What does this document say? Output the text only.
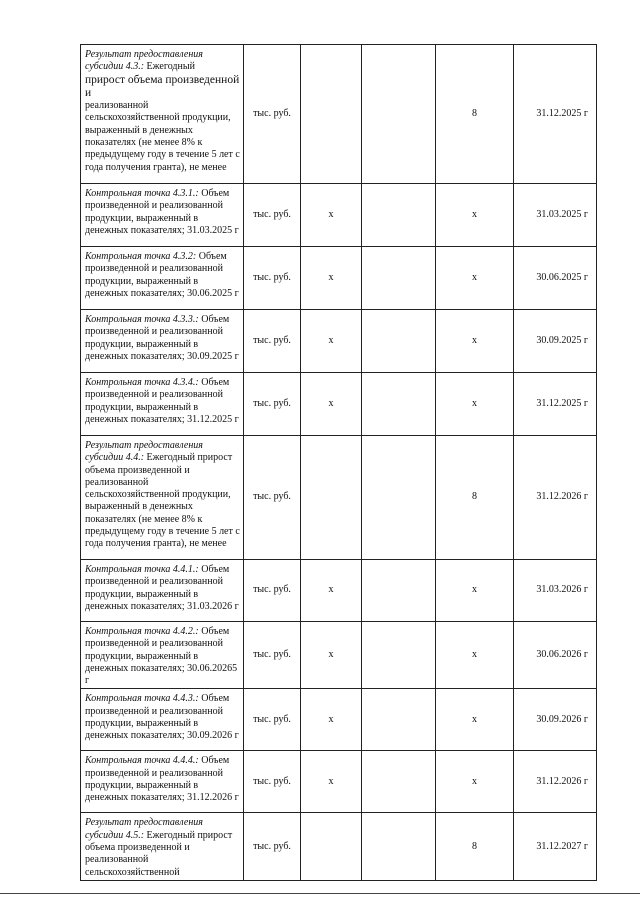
Результат предоставления субсидии 4.3.: Ежегодный
прирост объема произведенной и
реализованной сельскохозяйственной продукции, выраженный в денежных показателях (не менее 8% к предыдущему году в течение 5 лет с года получения гранта), не менее	тыс. руб.			8	31.12.2025 г
Контрольная точка 4.3.1.: Объем произведенной и реализованной продукции, выраженный в денежных показателях; 31.03.2025 г	тыс. руб.	х		х	31.03.2025 г
Контрольная точка 4.3.2: Объем произведенной и реализованной продукции, выраженный в денежных показателях; 30.06.2025 г	тыс. руб.	х		х	30.06.2025 г
Контрольная точка 4.3.3.: Объем произведенной и реализованной продукции, выраженный в денежных показателях; 30.09.2025 г	тыс. руб.	х		х	30.09.2025 г
Контрольная точка 4.3.4.: Объем произведенной и реализованной продукции, выраженный в денежных показателях; 31.12.2025 г	тыс. руб.	х		х	31.12.2025 г
Результат предоставления субсидии 4.4.: Ежегодный прирост объема произведенной и реализованной сельскохозяйственной продукции, выраженный в денежных показателях (не менее 8% к предыдущему году в течение 5 лет с года получения гранта), не менее	тыс. руб.			8	31.12.2026 г
Контрольная точка 4.4.1.: Объем произведенной и реализованной продукции, выраженный в денежных показателях; 31.03.2026 г	тыс. руб.	х		х	31.03.2026 г
Контрольная точка 4.4.2.: Объем произведенной и реализованной продукции, выраженный в денежных показателях; 30.06.20265 г	тыс. руб.	х		х	30.06.2026 г
Контрольная точка 4.4.3.: Объем произведенной и реализованной продукции, выраженный в денежных показателях; 30.09.2026 г	тыс. руб.	х		х	30.09.2026 г
Контрольная точка 4.4.4.: Объем произведенной и реализованной продукции, выраженный в денежных показателях; 31.12.2026 г	тыс. руб.	х		х	31.12.2026 г
Результат предоставления субсидии 4.5.: Ежегодный прирост объема произведенной и реализованной сельскохозяйственной	тыс. руб.			8	31.12.2027 г
